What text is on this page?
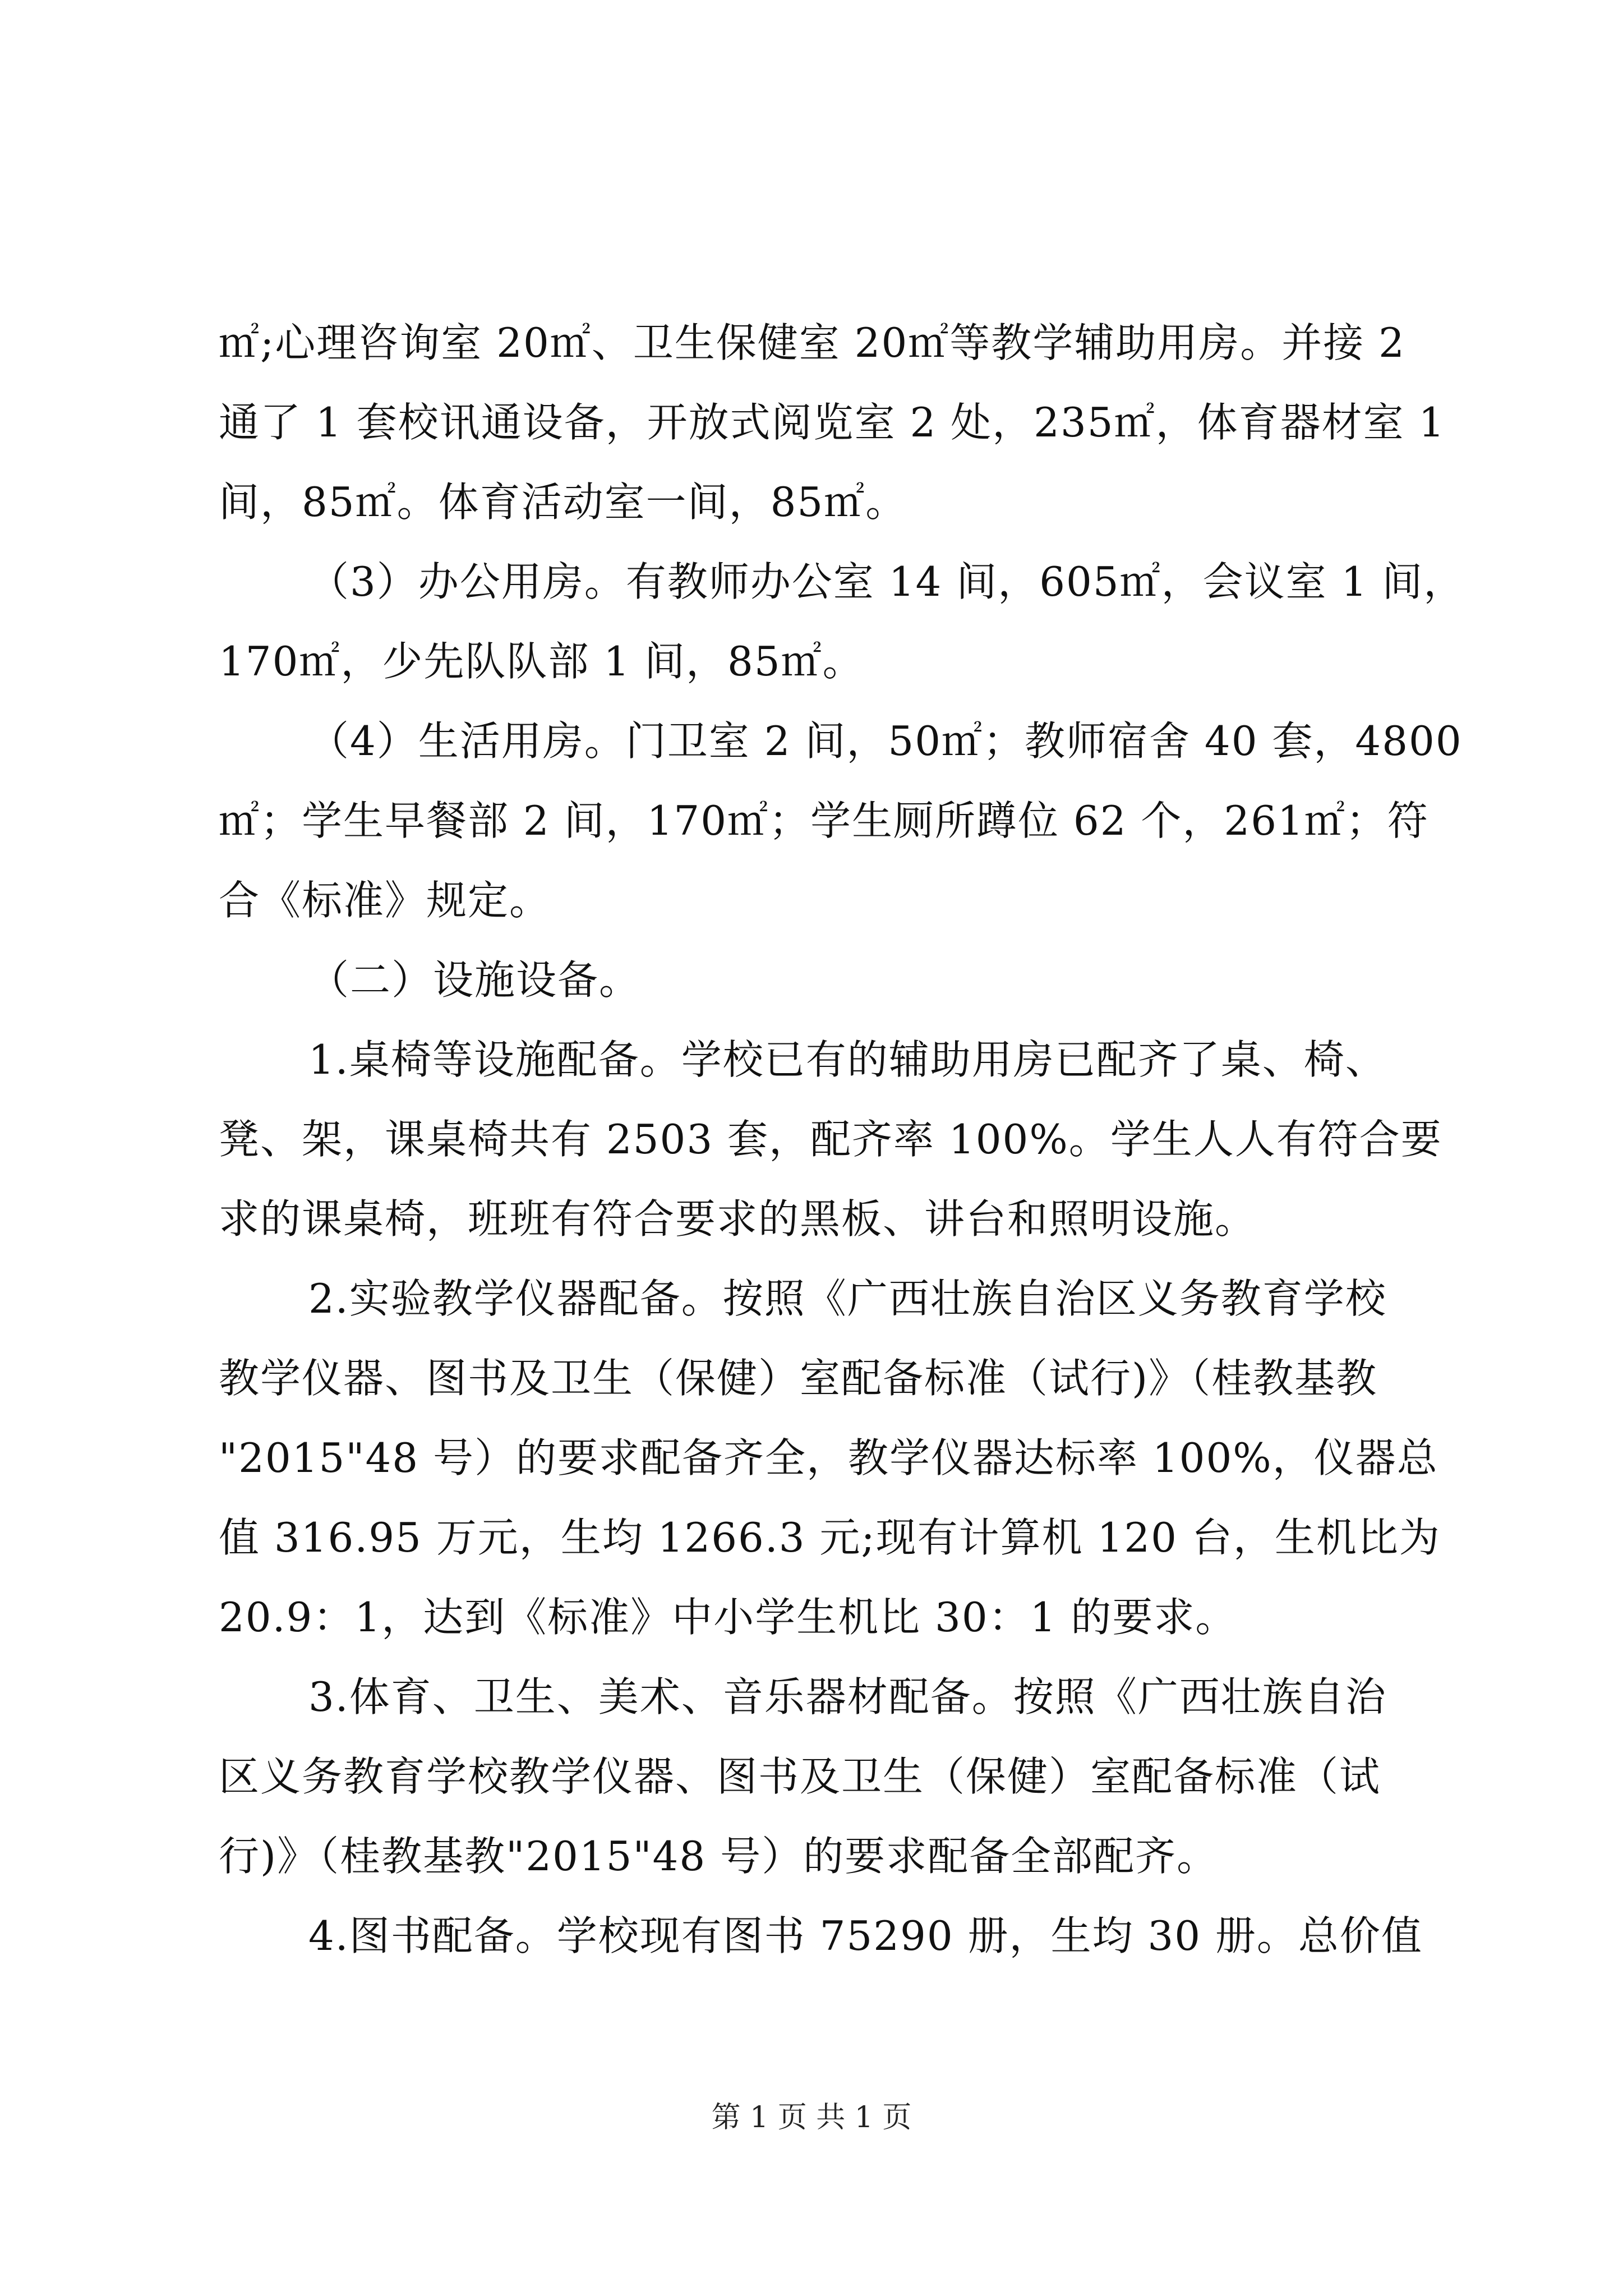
㎡;心理咨询室 20㎡、卫生保健室 20㎡等教学辅助用房。并接 2
通了 1 套校讯通设备，开放式阅览室 2 处，235㎡，体育器材室 1
间，85㎡。体育活动室一间，85㎡。
（3）办公用房。有教师办公室 14 间，605㎡，会议室 1 间，
170㎡，少先队队部 1 间，85㎡。
（4）生活用房。门卫室 2 间，50㎡；教师宿舍 40 套，4800
㎡；学生早餐部 2 间，170㎡；学生厕所蹲位 62 个，261㎡；符
合《标准》规定。
（二）设施设备。
1.桌椅等设施配备。学校已有的辅助用房已配齐了桌、椅、
凳、架，课桌椅共有 2503 套，配齐率 100%。学生人人有符合要
求的课桌椅，班班有符合要求的黑板、讲台和照明设施。
2.实验教学仪器配备。按照《广西壮族自治区义务教育学校
教学仪器、图书及卫生（保健）室配备标准（试行)》（桂教基教
"2015"48 号）的要求配备齐全，教学仪器达标率 100%，仪器总
值 316.95 万元，生均 1266.3 元;现有计算机 120 台，生机比为
20.9：1，达到《标准》中小学生机比 30：1 的要求。
3.体育、卫生、美术、音乐器材配备。按照《广西壮族自治
区义务教育学校教学仪器、图书及卫生（保健）室配备标准（试
行)》（桂教基教"2015"48 号）的要求配备全部配齐。
4.图书配备。学校现有图书 75290 册，生均 30 册。总价值
第 1 页 共 1 页
